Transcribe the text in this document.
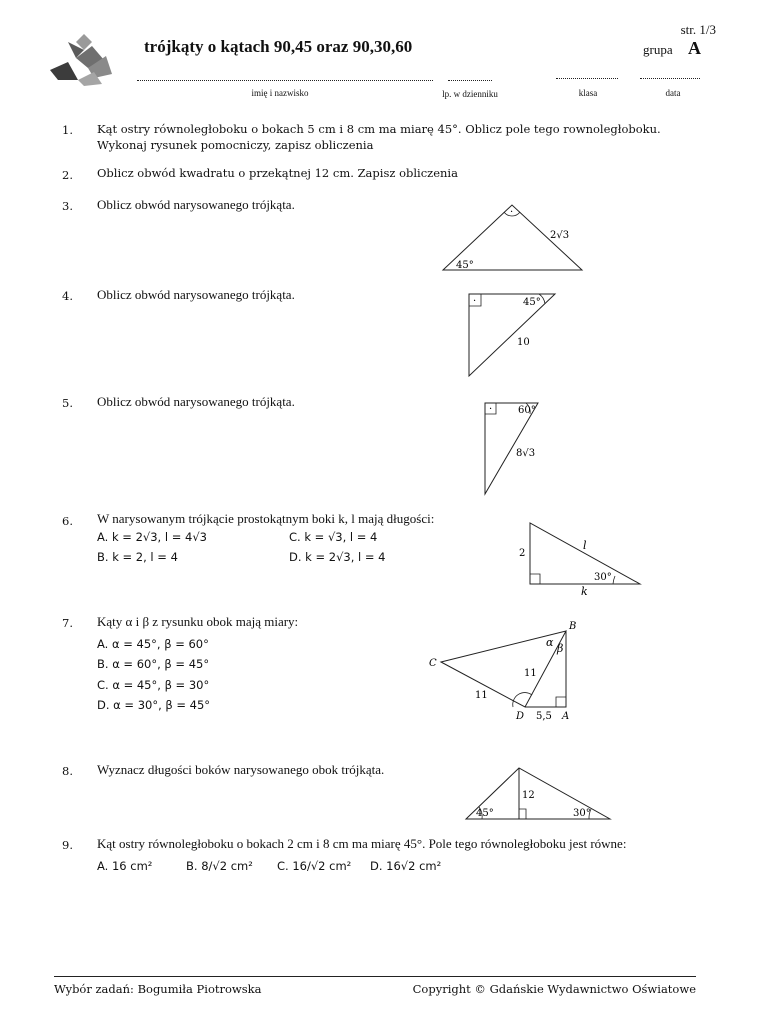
trójkąty o kątach 90,45 oraz 90,30,60
str. 1/3
grupa A
imię i nazwisko	lp. w dzienniku	klasa	data
1. Kąt ostry równoległoboku o bokach 5 cm i 8 cm ma miarę 45°. Oblicz pole tego rownoległoboku.
Wykonaj rysunek pomocniczy, zapisz obliczenia
2. Oblicz obwód kwadratu o przekątnej 12 cm. Zapisz obliczenia
3. Oblicz obwód narysowanego trójkąta.
·
45°
2√3
4. Oblicz obwód narysowanego trójkąta.	·	45°
10
5. Oblicz obwód narysowanego trójkąta.
·	60°
8√3
6. W narysowanym trójkącie prostokątnym boki k, l mają długości:
A. k = 2√3, l = 4√3
B. k = 2, l = 4
C. k = √3, l = 4
D. k = 2√3, l = 4	2
l
k
30°
7. Kąty α i β z rysunku obok mają miary:
A. α = 45°, β = 60°
B. α = 60°, β = 45°
C. α = 45°, β = 30°
D. α = 30°, β = 45°
B
C
D	A
α β
11
11
5,5
8. Wyznacz długości boków narysowanego obok trójkąta.
45°
12
30°
9. Kąt ostry równoległoboku o bokach 2 cm i 8 cm ma miarę 45°. Pole tego równoległoboku jest równe:
A. 16 cm²	B. 8/√2 cm² C. 16/√2 cm² D. 16√2 cm²
Wybór zadań: Bogumiła Piotrowska	Copyright © Gdańskie Wydawnictwo Oświatowe
